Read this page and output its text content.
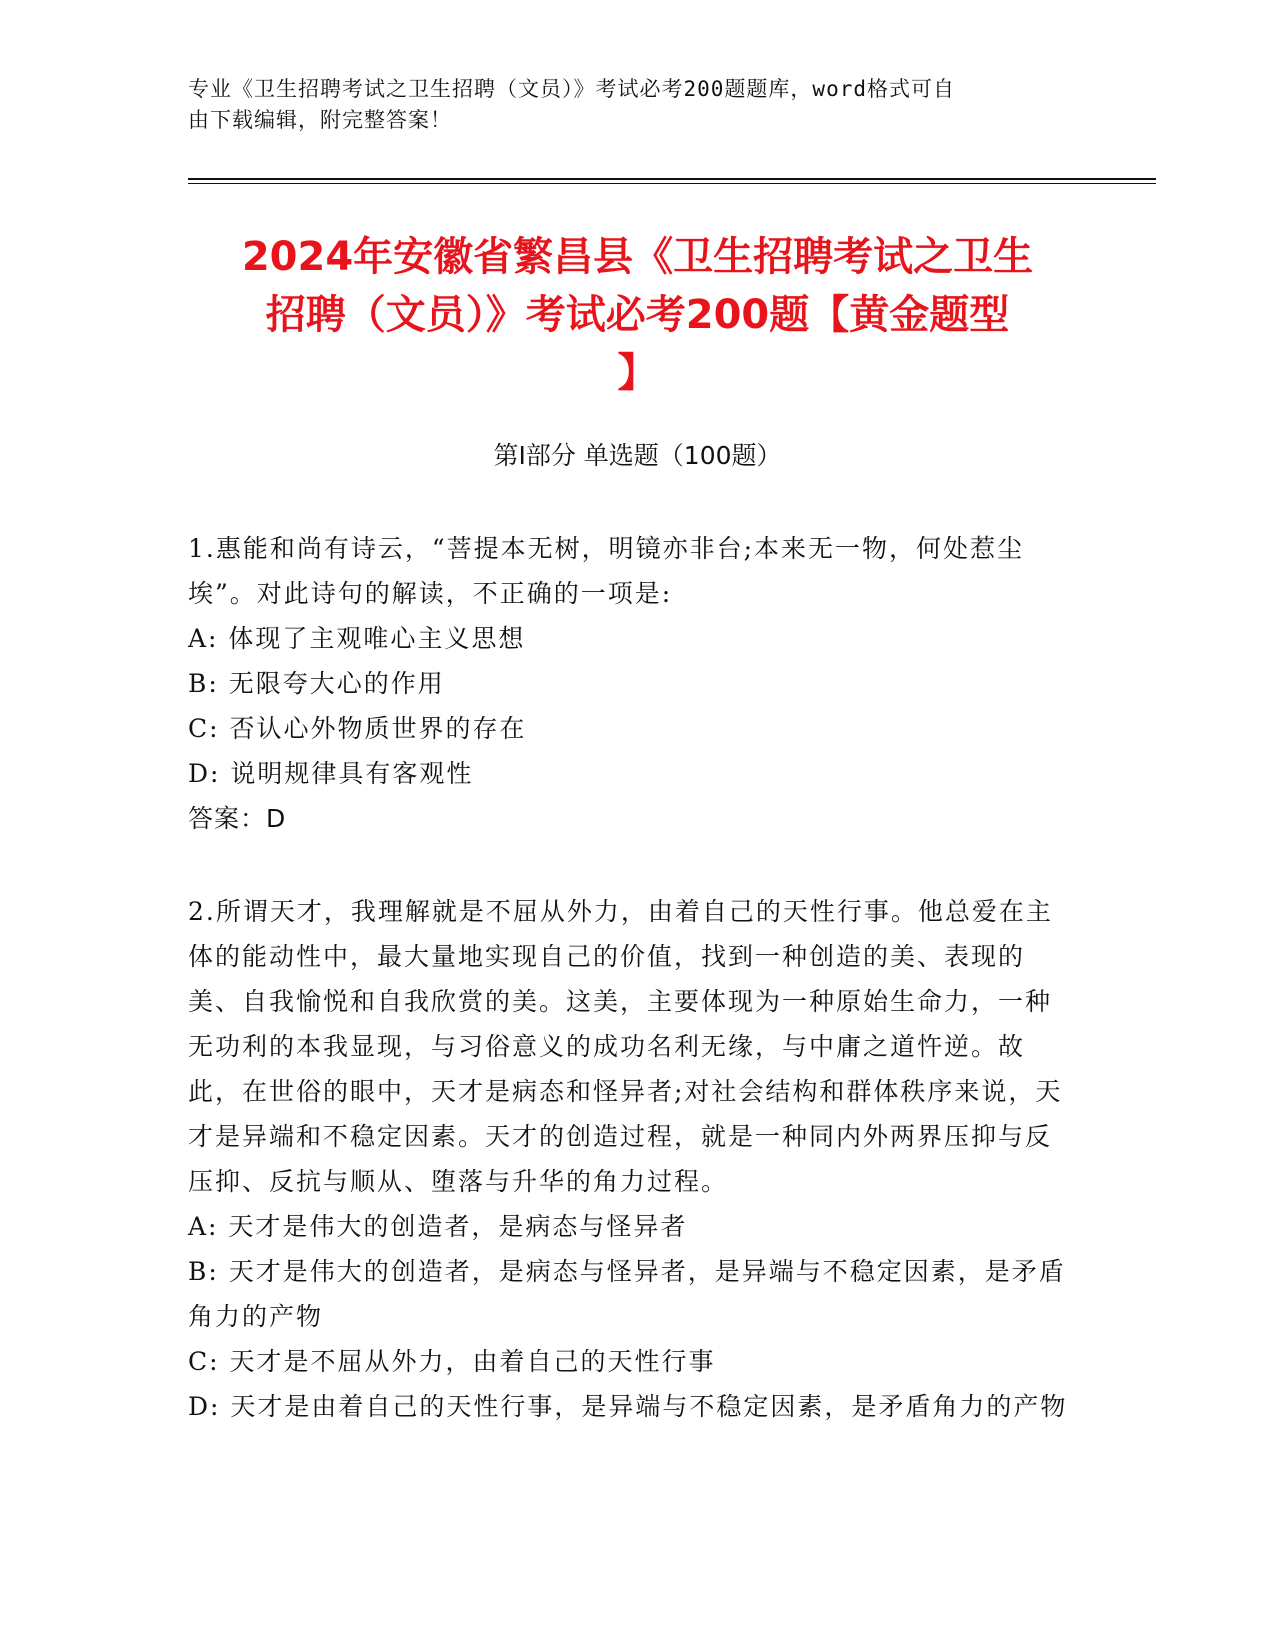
专业《卫生招聘考试之卫生招聘（文员）》考试必考200题题库，word格式可自
由下载编辑，附完整答案！
2024年安徽省繁昌县《卫生招聘考试之卫生
招聘（文员）》考试必考200题【黄金题型
】
第Ⅰ部分 单选题（100题）

1.惠能和尚有诗云，“菩提本无树，明镜亦非台;本来无一物，何处惹尘埃”。对此诗句的解读，不正确的一项是:

A: 体现了主观唯心主义思想

B: 无限夸大心的作用

C: 否认心外物质世界的存在

D: 说明规律具有客观性

答案：D

2.所谓天才，我理解就是不屈从外力，由着自己的天性行事。他总爱在主体的能动性中，最大量地实现自己的价值，找到一种创造的美、表现的美、自我愉悦和自我欣赏的美。这美，主要体现为一种原始生命力，一种无功利的本我显现，与习俗意义的成功名利无缘，与中庸之道忤逆。故此，在世俗的眼中，天才是病态和怪异者;对社会结构和群体秩序来说，天才是异端和不稳定因素。天才的创造过程，就是一种同内外两界压抑与反压抑、反抗与顺从、堕落与升华的角力过程。

A: 天才是伟大的创造者，是病态与怪异者

B: 天才是伟大的创造者，是病态与怪异者，是异端与不稳定因素，是矛盾角力的产物

C: 天才是不屈从外力，由着自己的天性行事

D: 天才是由着自己的天性行事，是异端与不稳定因素，是矛盾角力的产物
